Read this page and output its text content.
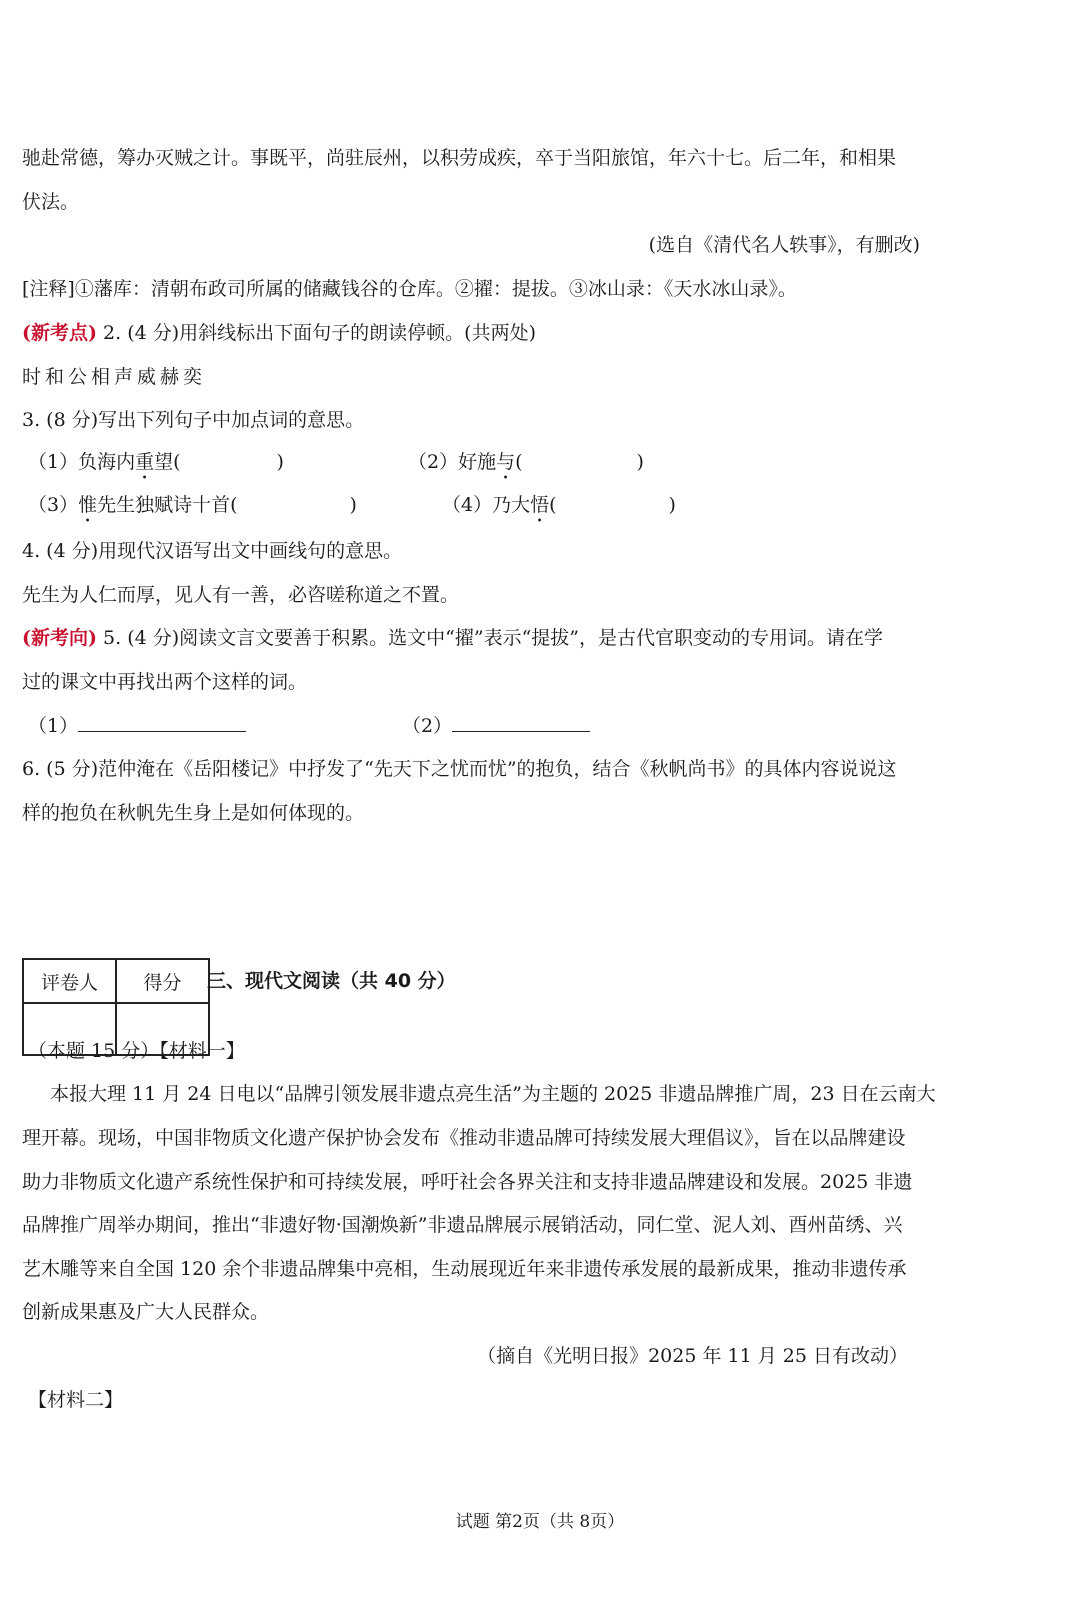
驰赴常德，筹办灭贼之计。事既平，尚驻辰州，以积劳成疾，卒于当阳旅馆，年六十七。后二年，和相果
伏法。
(选自《清代名人轶事》，有删改)
[注释]①藩库：清朝布政司所属的储藏钱谷的仓库。②擢：提拔。③冰山录：《天水冰山录》。
(新考点) 2. (4 分)用斜线标出下面句子的朗读停顿。(共两处)
时和公相声威赫奕
3. (8 分)写出下列句子中加点词的意思。
（1）负海内重望(	)	（2）好施与(	)
（3）惟先生独赋诗十首(	)	（4）乃大悟(	)
4. (4 分)用现代汉语写出文中画线句的意思。
先生为人仁而厚，见人有一善，必咨嗟称道之不置。
(新考向) 5. (4 分)阅读文言文要善于积累。选文中“擢”表示“提拔”，是古代官职变动的专用词。请在学
过的课文中再找出两个这样的词。
（1）	（2）
6. (5 分)范仲淹在《岳阳楼记》中抒发了“先天下之忧而忧”的抱负，结合《秋帆尚书》的具体内容说说这
样的抱负在秋帆先生身上是如何体现的。
评卷人	得分
	三、现代文阅读（共 40 分）
（本题 15 分）【材料一】
本报大理 11 月 24 日电以“品牌引领发展非遗点亮生活”为主题的 2025 非遗品牌推广周，23 日在云南大
理开幕。现场，中国非物质文化遗产保护协会发布《推动非遗品牌可持续发展大理倡议》，旨在以品牌建设
助力非物质文化遗产系统性保护和可持续发展，呼吁社会各界关注和支持非遗品牌建设和发展。2025 非遗
品牌推广周举办期间，推出“非遗好物·国潮焕新”非遗品牌展示展销活动，同仁堂、泥人刘、酉州苗绣、兴
艺木雕等来自全国 120 余个非遗品牌集中亮相，生动展现近年来非遗传承发展的最新成果，推动非遗传承
创新成果惠及广大人民群众。
（摘自《光明日报》2025 年 11 月 25 日有改动）
【材料二】
试题 第2页（共 8页）
